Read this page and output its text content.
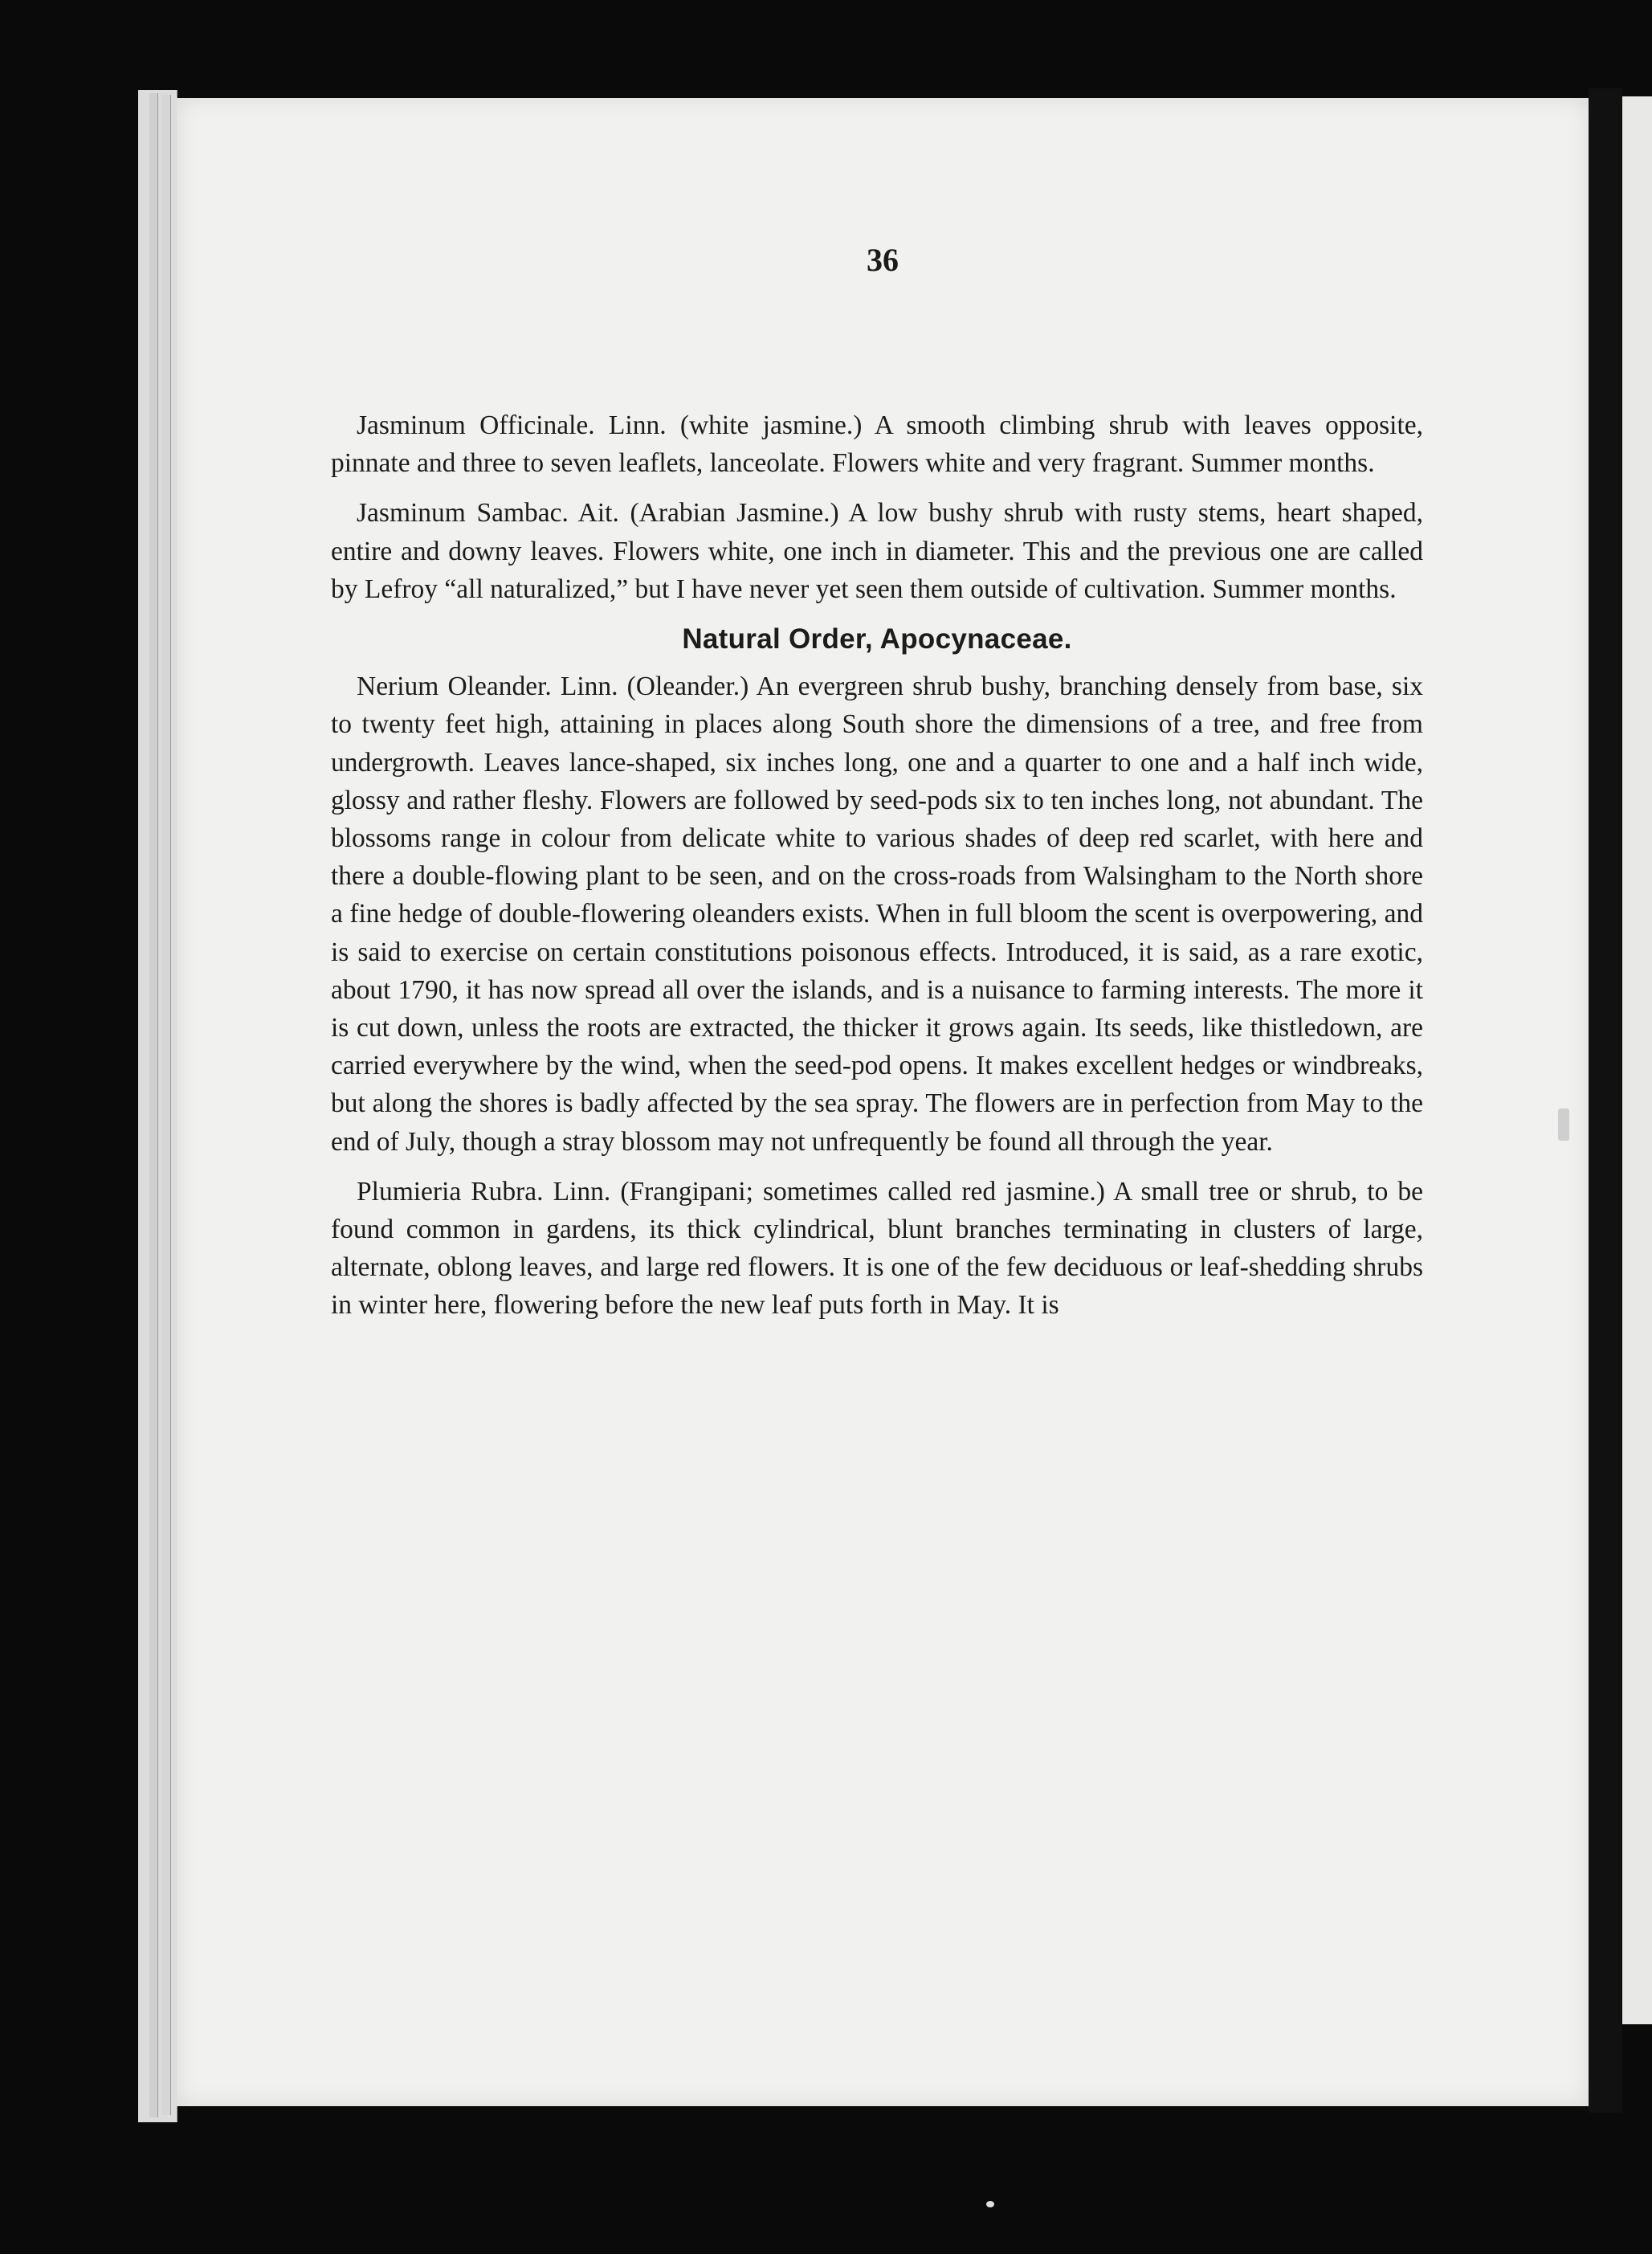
36

Jasminum Officinale. Linn. (white jasmine.) A smooth climbing shrub with leaves opposite, pinnate and three to seven leaflets, lanceolate. Flowers white and very fragrant. Summer months.

Jasminum Sambac. Ait. (Arabian Jasmine.) A low bushy shrub with rusty stems, heart shaped, entire and downy leaves. Flowers white, one inch in diameter. This and the previous one are called by Lefroy “all naturalized,” but I have never yet seen them outside of cultivation. Summer months.

Natural Order, Apocynaceae.

Nerium Oleander. Linn. (Oleander.) An evergreen shrub bushy, branching densely from base, six to twenty feet high, attaining in places along South shore the dimensions of a tree, and free from undergrowth. Leaves lance-shaped, six inches long, one and a quarter to one and a half inch wide, glossy and rather fleshy. Flowers are followed by seed-pods six to ten inches long, not abundant. The blossoms range in colour from delicate white to various shades of deep red scarlet, with here and there a double-flowing plant to be seen, and on the cross-roads from Walsingham to the North shore a fine hedge of double-flowering oleanders exists. When in full bloom the scent is overpowering, and is said to exercise on certain constitutions poisonous effects. Introduced, it is said, as a rare exotic, about 1790, it has now spread all over the islands, and is a nuisance to farming interests. The more it is cut down, unless the roots are extracted, the thicker it grows again. Its seeds, like thistledown, are carried everywhere by the wind, when the seed-pod opens. It makes excellent hedges or windbreaks, but along the shores is badly affected by the sea spray. The flowers are in perfection from May to the end of July, though a stray blossom may not unfrequently be found all through the year.

Plumieria Rubra. Linn. (Frangipani; sometimes called red jasmine.) A small tree or shrub, to be found common in gardens, its thick cylindrical, blunt branches terminating in clusters of large, alternate, oblong leaves, and large red flowers. It is one of the few deciduous or leaf-shedding shrubs in winter here, flowering before the new leaf puts forth in May. It is
